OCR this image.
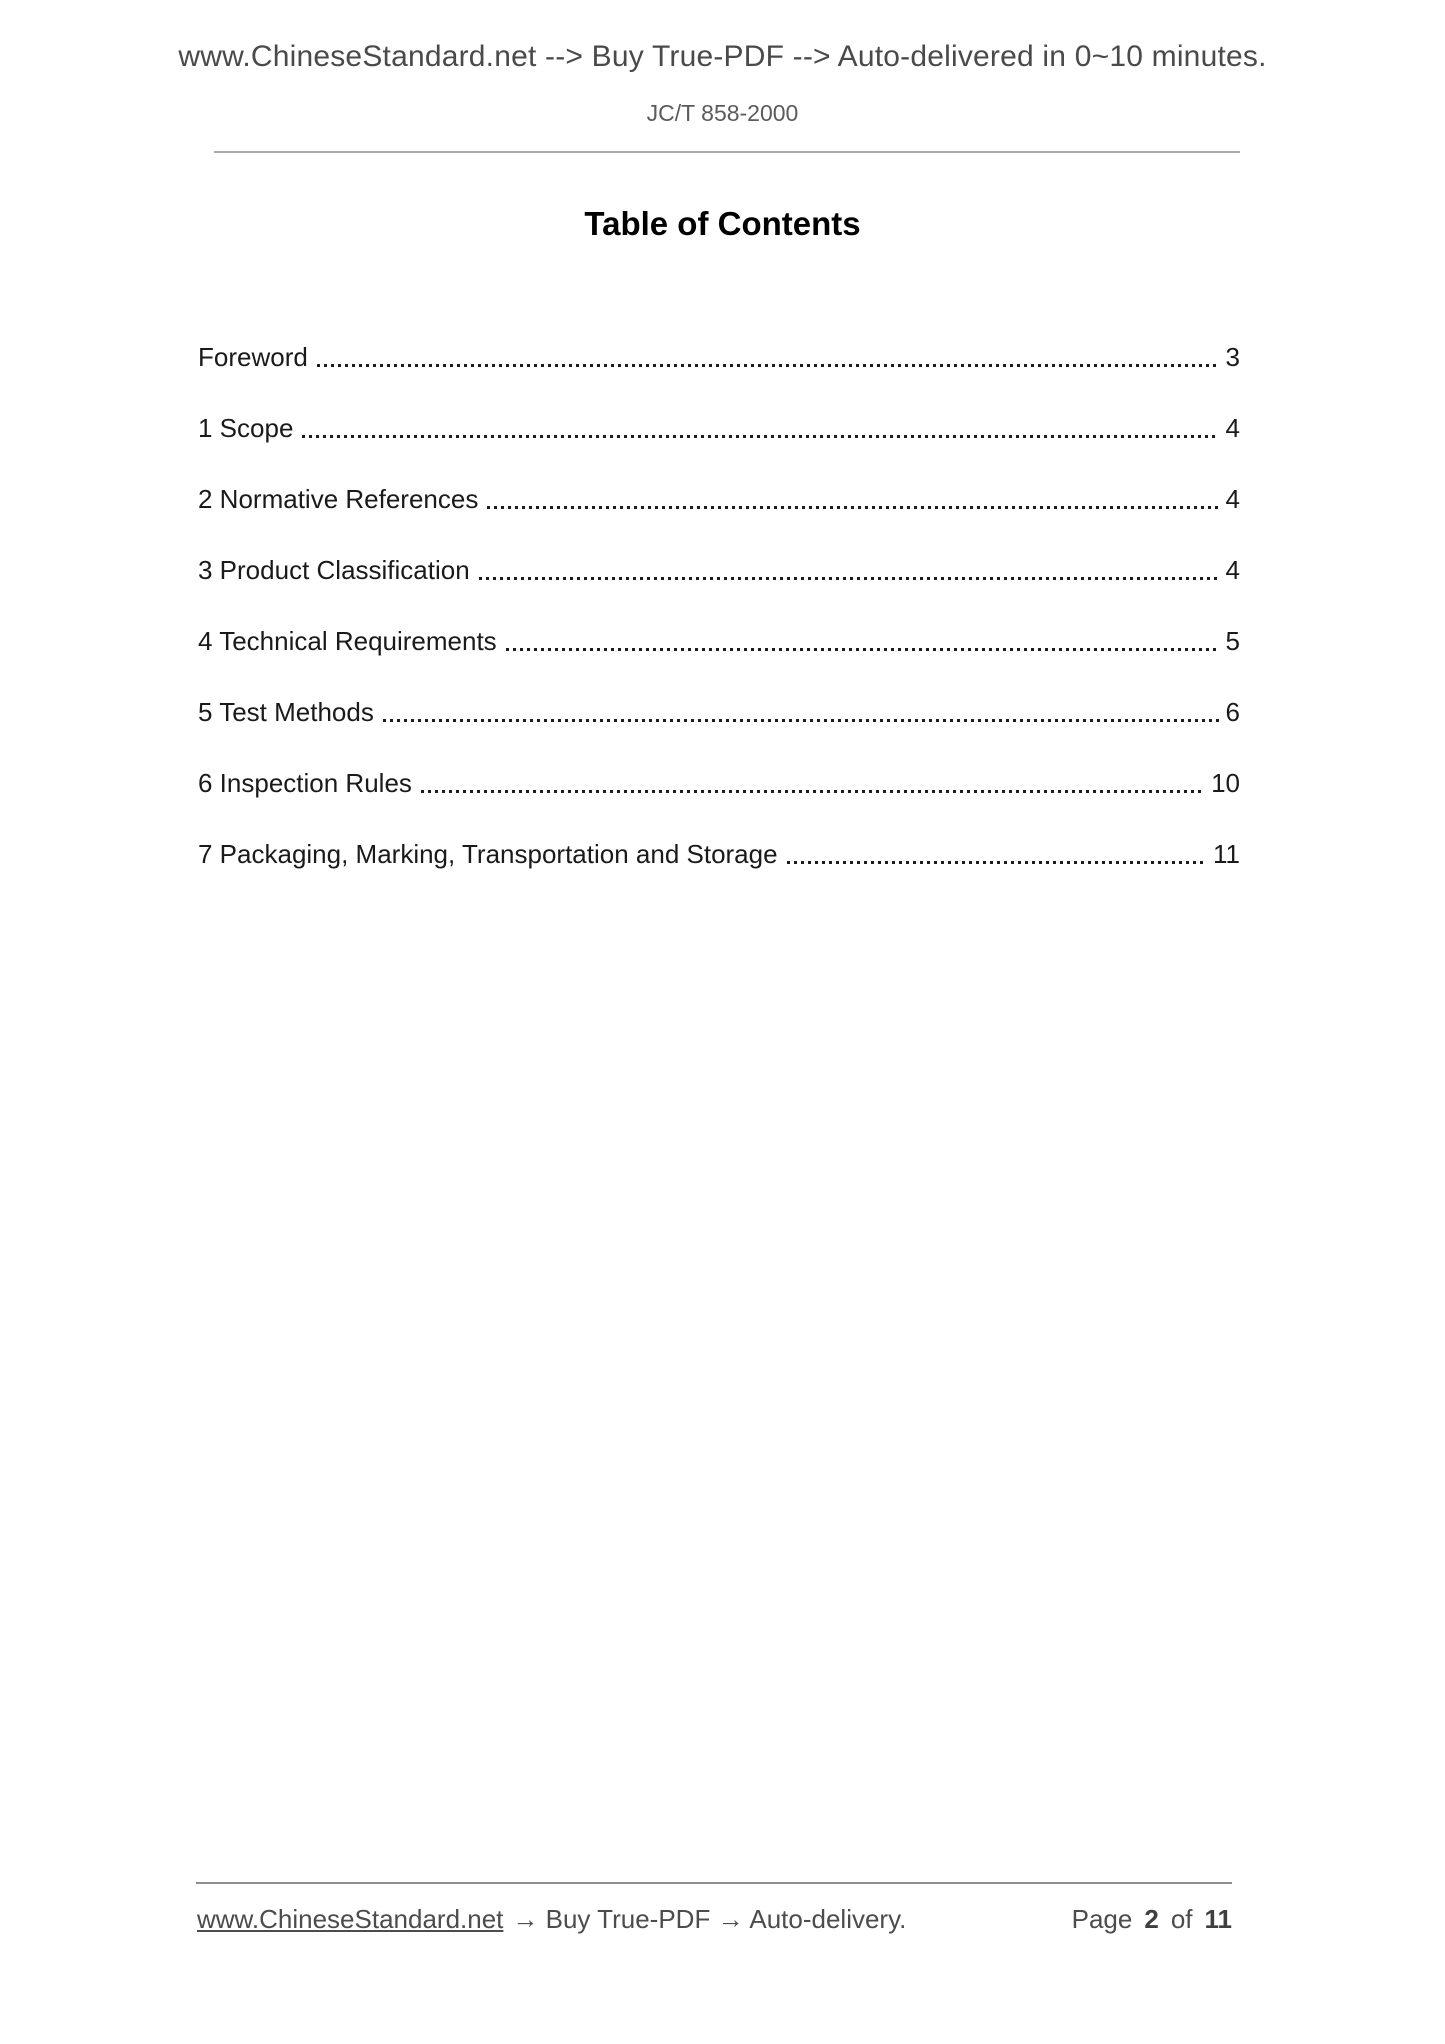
www.ChineseStandard.net --> Buy True-PDF --> Auto-delivered in 0~10 minutes.
JC/T 858-2000
Table of Contents
Foreword	3
1 Scope	4
2 Normative References	4
3 Product Classification	4
4 Technical Requirements	5
5 Test Methods	6
6 Inspection Rules	10
7 Packaging, Marking, Transportation and Storage	11
www.ChineseStandard.net → Buy True-PDF → Auto-delivery.	Page 2 of 11
